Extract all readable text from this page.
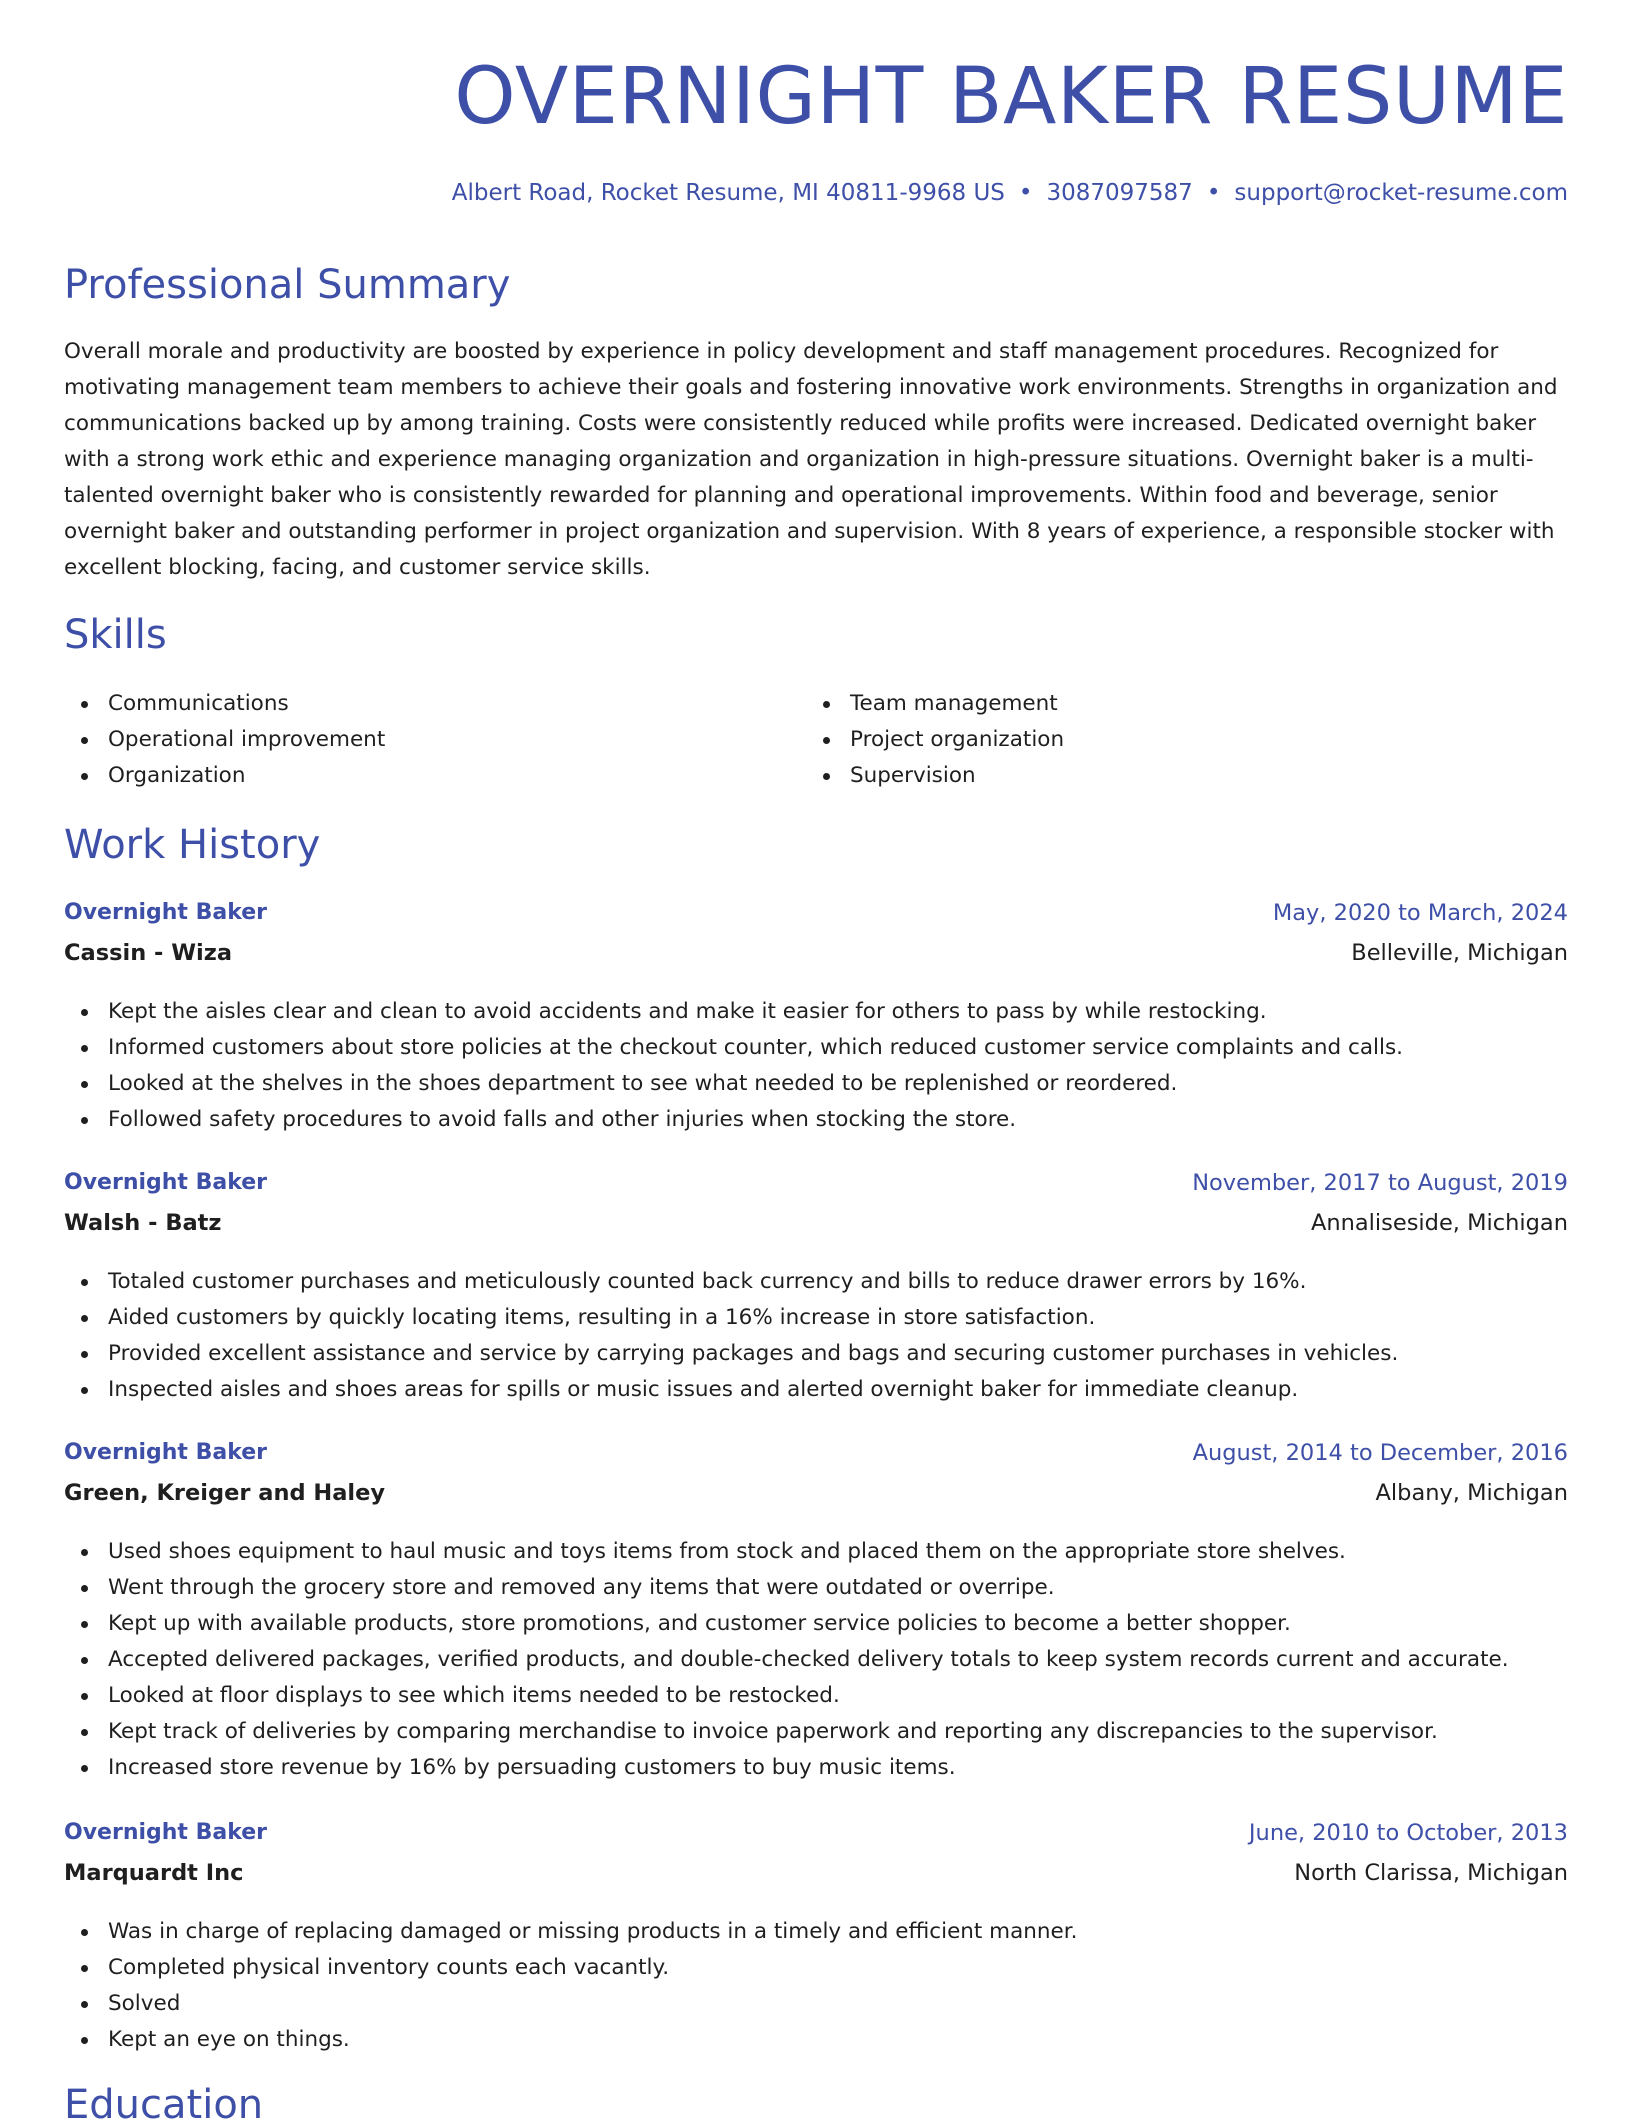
OVERNIGHT BAKER RESUME
Albert Road, Rocket Resume, MI 40811-9968 US • 3087097587 • support@rocket-resume.com
Professional Summary

Overall morale and productivity are boosted by experience in policy development and staff management procedures. Recognized for motivating management team members to achieve their goals and fostering innovative work environments. Strengths in organization and communications backed up by among training. Costs were consistently reduced while profits were increased. Dedicated overnight baker with a strong work ethic and experience managing organization and organization in high-pressure situations. Overnight baker is a multi-talented overnight baker who is consistently rewarded for planning and operational improvements. Within food and beverage, senior overnight baker and outstanding performer in project organization and supervision. With 8 years of experience, a responsible stocker with excellent blocking, facing, and customer service skills.

Skills
Communications
Operational improvement
Organization
Team management
Project organization
Supervision
Work History
Overnight Baker	May, 2020 to March, 2024
Cassin - Wiza	Belleville, Michigan
Kept the aisles clear and clean to avoid accidents and make it easier for others to pass by while restocking.
Informed customers about store policies at the checkout counter, which reduced customer service complaints and calls.
Looked at the shelves in the shoes department to see what needed to be replenished or reordered.
Followed safety procedures to avoid falls and other injuries when stocking the store.
Overnight Baker	November, 2017 to August, 2019
Walsh - Batz	Annaliseside, Michigan
Totaled customer purchases and meticulously counted back currency and bills to reduce drawer errors by 16%.
Aided customers by quickly locating items, resulting in a 16% increase in store satisfaction.
Provided excellent assistance and service by carrying packages and bags and securing customer purchases in vehicles.
Inspected aisles and shoes areas for spills or music issues and alerted overnight baker for immediate cleanup.
Overnight Baker	August, 2014 to December, 2016
Green, Kreiger and Haley	Albany, Michigan
Used shoes equipment to haul music and toys items from stock and placed them on the appropriate store shelves.
Went through the grocery store and removed any items that were outdated or overripe.
Kept up with available products, store promotions, and customer service policies to become a better shopper.
Accepted delivered packages, verified products, and double-checked delivery totals to keep system records current and accurate.
Looked at floor displays to see which items needed to be restocked.
Kept track of deliveries by comparing merchandise to invoice paperwork and reporting any discrepancies to the supervisor.
Increased store revenue by 16% by persuading customers to buy music items.
Overnight Baker	June, 2010 to October, 2013
Marquardt Inc	North Clarissa, Michigan
Was in charge of replacing damaged or missing products in a timely and efficient manner.
Completed physical inventory counts each vacantly.
Solved
Kept an eye on things.
Education
